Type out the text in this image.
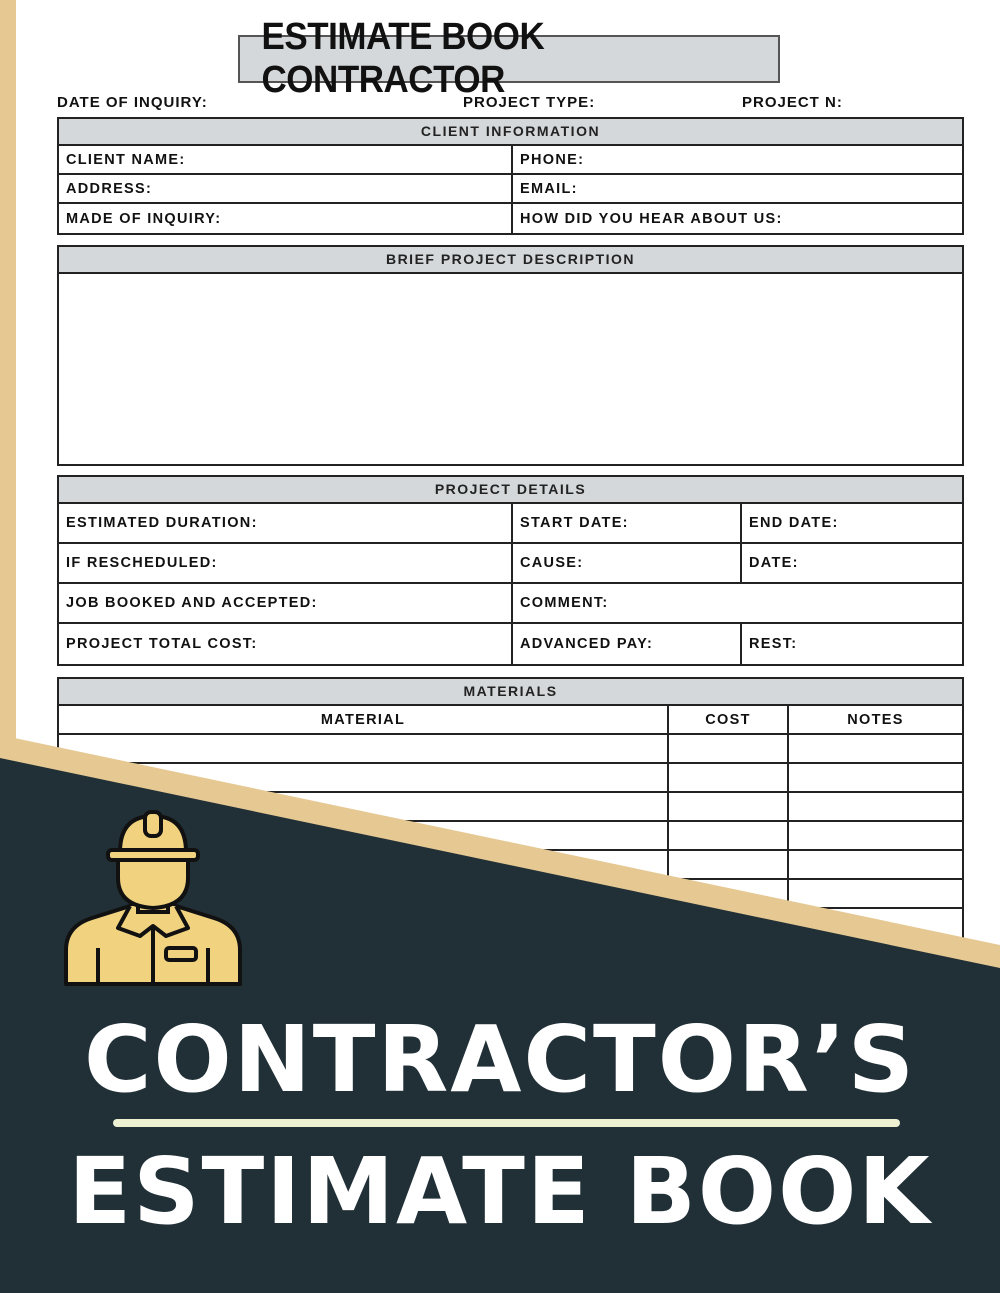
ESTIMATE BOOK CONTRACTOR
DATE OF INQUIRY:	PROJECT TYPE:	PROJECT N:
CLIENT INFORMATION
CLIENT NAME:	PHONE:
ADDRESS:	EMAIL:
MADE OF INQUIRY:	HOW DID YOU HEAR ABOUT US:
BRIEF PROJECT DESCRIPTION
PROJECT DETAILS
ESTIMATED DURATION:	START DATE:	END DATE:
IF RESCHEDULED:	CAUSE:	DATE:
JOB BOOKED AND ACCEPTED:	COMMENT:
PROJECT TOTAL COST:	ADVANCED PAY:	REST:
MATERIALS
MATERIAL	COST	NOTES
CONTRACTOR’S
ESTIMATE BOOK
